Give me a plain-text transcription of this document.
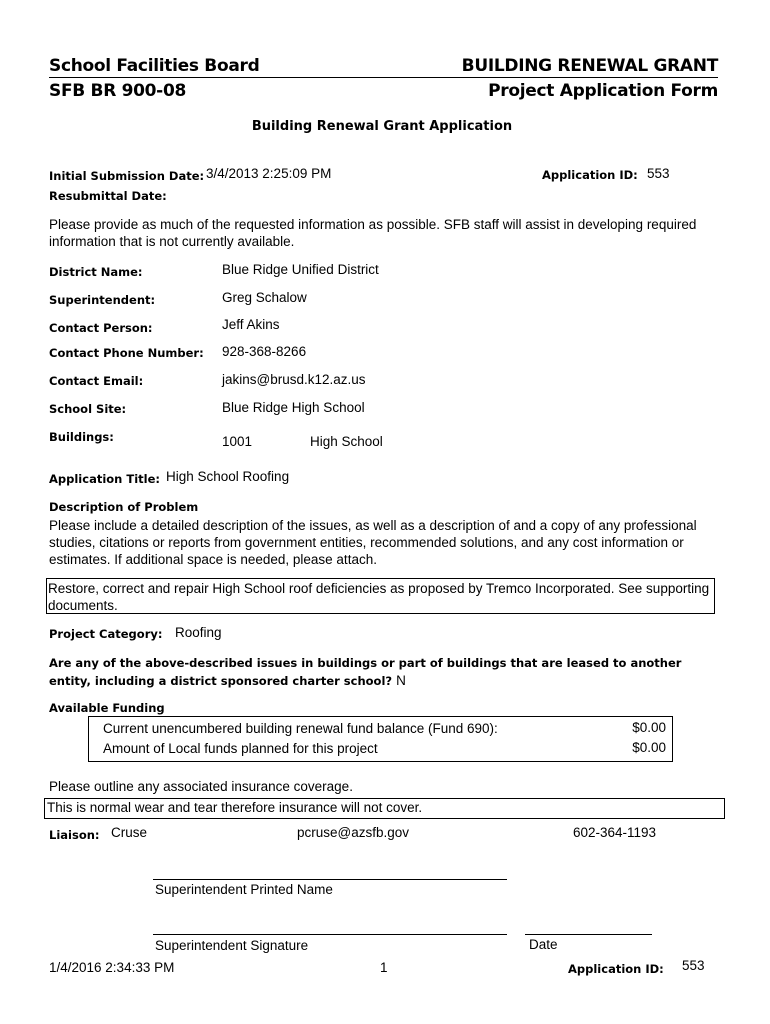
School Facilities Board
SFB BR 900-08
BUILDING RENEWAL GRANT
Project Application Form
Building Renewal Grant Application
Initial Submission Date: 3/4/2013 2:25:09 PM
Resubmittal Date:
Application ID: 553
Please provide as much of the requested information as possible. SFB staff will assist in developing required information that is not currently available.
District Name:	Blue Ridge Unified District
Superintendent:	Greg Schalow
Contact Person:	Jeff Akins
Contact Phone Number: 928-368-8266
Contact Email:	jakins@brusd.k12.az.us
School Site:	Blue Ridge High School
Buildings:	1001	High School
Application Title: High School Roofing
Description of Problem
Please include a detailed description of the issues, as well as a description of and a copy of any professional studies, citations or reports from government entities, recommended solutions, and any cost information or estimates. If additional space is needed, please attach.
Restore, correct and repair High School roof deficiencies as proposed by Tremco Incorporated. See supporting documents.
Project Category: Roofing
Are any of the above-described issues in buildings or part of buildings that are leased to another entity, including a district sponsored charter school? N
Available Funding
Current unencumbered building renewal fund balance (Fund 690):	$0.00
Amount of Local funds planned for this project	$0.00
Please outline any associated insurance coverage.
This is normal wear and tear therefore insurance will not cover.
Liaison: Cruse	pcruse@azsfb.gov	602-364-1193
Superintendent Printed Name
Superintendent Signature	Date
1/4/2016 2:34:33 PM	1	Application ID: 553
